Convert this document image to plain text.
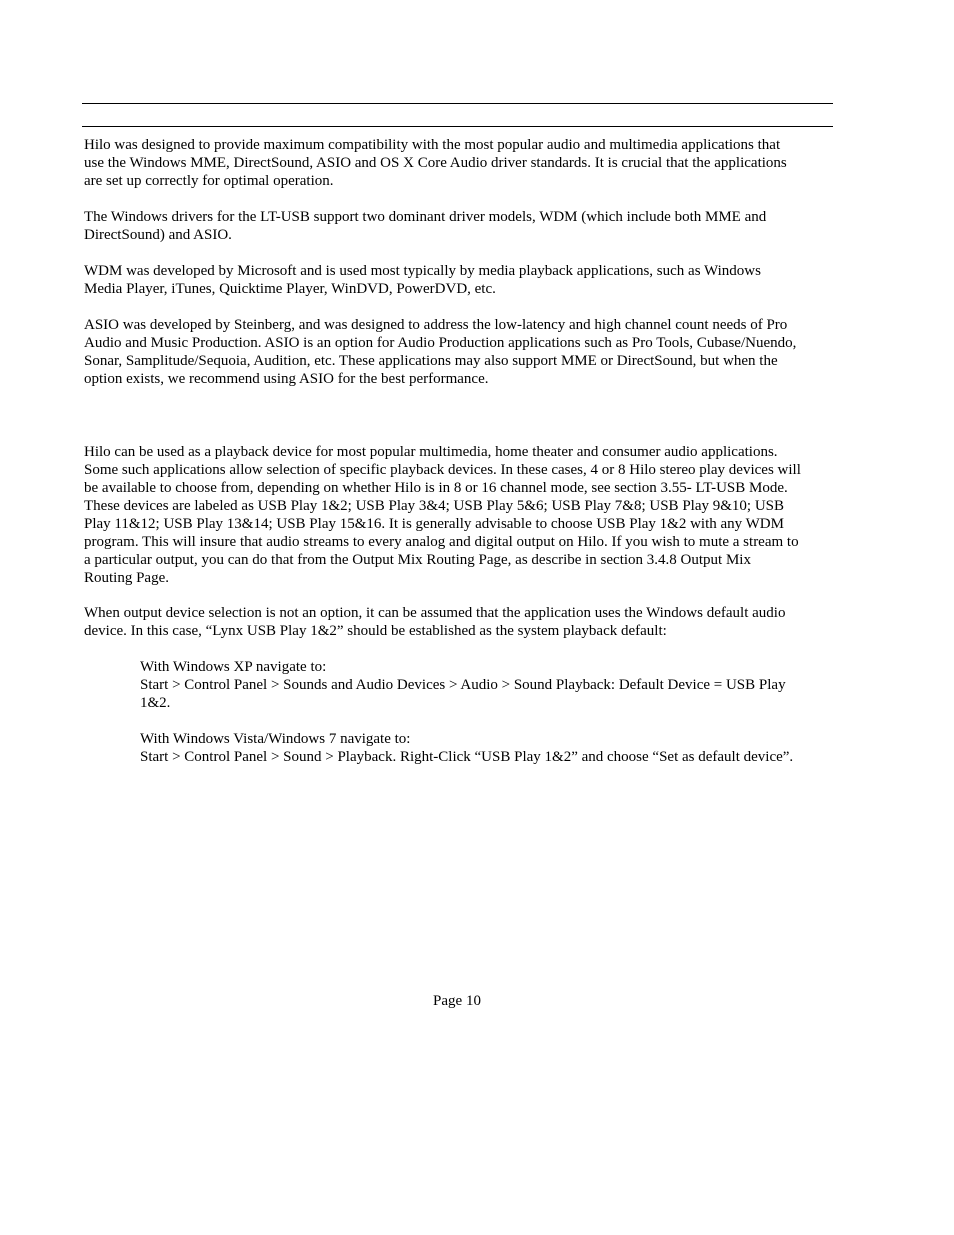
Hilo was designed to provide maximum compatibility with the most popular audio and multimedia applications that
use the Windows MME, DirectSound, ASIO and OS X Core Audio driver standards. It is crucial that the applications
are set up correctly for optimal operation.
The Windows drivers for the LT-USB support two dominant driver models, WDM (which include both MME and
DirectSound) and ASIO.
WDM was developed by Microsoft and is used most typically by media playback applications, such as Windows
Media Player, iTunes, Quicktime Player, WinDVD, PowerDVD, etc.
ASIO was developed by Steinberg, and was designed to address the low-latency and high channel count needs of Pro
Audio and Music Production. ASIO is an option for Audio Production applications such as Pro Tools, Cubase/Nuendo,
Sonar, Samplitude/Sequoia, Audition, etc. These applications may also support MME or DirectSound, but when the
option exists, we recommend using ASIO for the best performance.
Hilo can be used as a playback device for most popular multimedia, home theater and consumer audio applications.
Some such applications allow selection of specific playback devices. In these cases, 4 or 8 Hilo stereo play devices will
be available to choose from, depending on whether Hilo is in 8 or 16 channel mode, see section 3.55- LT-USB Mode.
These devices are labeled as USB Play 1&2; USB Play 3&4; USB Play 5&6; USB Play 7&8; USB Play 9&10; USB
Play 11&12; USB Play 13&14; USB Play 15&16. It is generally advisable to choose USB Play 1&2 with any WDM
program. This will insure that audio streams to every analog and digital output on Hilo. If you wish to mute a stream to
a particular output, you can do that from the Output Mix Routing Page, as describe in section 3.4.8 Output Mix
Routing Page.
When output device selection is not an option, it can be assumed that the application uses the Windows default audio
device. In this case, “Lynx USB Play 1&2” should be established as the system playback default:
With Windows XP navigate to:
Start > Control Panel > Sounds and Audio Devices > Audio > Sound Playback: Default Device = USB Play
1&2.
With Windows Vista/Windows 7 navigate to:
Start > Control Panel > Sound > Playback. Right-Click “USB Play 1&2” and choose “Set as default device”.
Page 10
